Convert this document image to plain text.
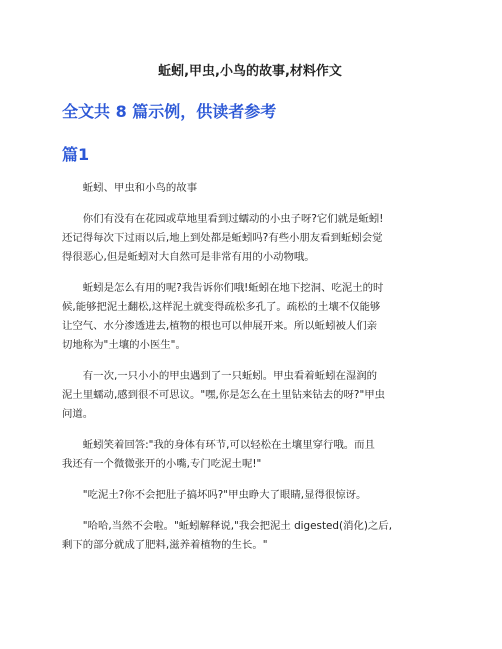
蚯蚓,甲虫,小鸟的故事,材料作文
全文共 8 篇示例，供读者参考
篇1

蚯蚓、甲虫和小鸟的故事

你们有没有在花园或草地里看到过蠕动的小虫子呀?它们就是蚯蚓!
还记得每次下过雨以后,地上到处都是蚯蚓吗?有些小朋友看到蚯蚓会觉
得很恶心,但是蚯蚓对大自然可是非常有用的小动物哦。

蚯蚓是怎么有用的呢?我告诉你们哦!蚯蚓在地下挖洞、吃泥土的时
候,能够把泥土翻松,这样泥土就变得疏松多孔了。疏松的土壤不仅能够
让空气、水分渗透进去,植物的根也可以伸展开来。所以蚯蚓被人们亲
切地称为"土壤的小医生"。

有一次,一只小小的甲虫遇到了一只蚯蚓。甲虫看着蚯蚓在湿润的
泥土里蠕动,感到很不可思议。"嘿,你是怎么在土里钻来钻去的呀?"甲虫
问道。

蚯蚓笑着回答:"我的身体有环节,可以轻松在土壤里穿行哦。而且
我还有一个微微张开的小嘴,专门吃泥土呢!"

"吃泥土?你不会把肚子搞坏吗?"甲虫睁大了眼睛,显得很惊讶。

"哈哈,当然不会啦。"蚯蚓解释说,"我会把泥土 digested(消化)之后,
剩下的部分就成了肥料,滋养着植物的生长。"
